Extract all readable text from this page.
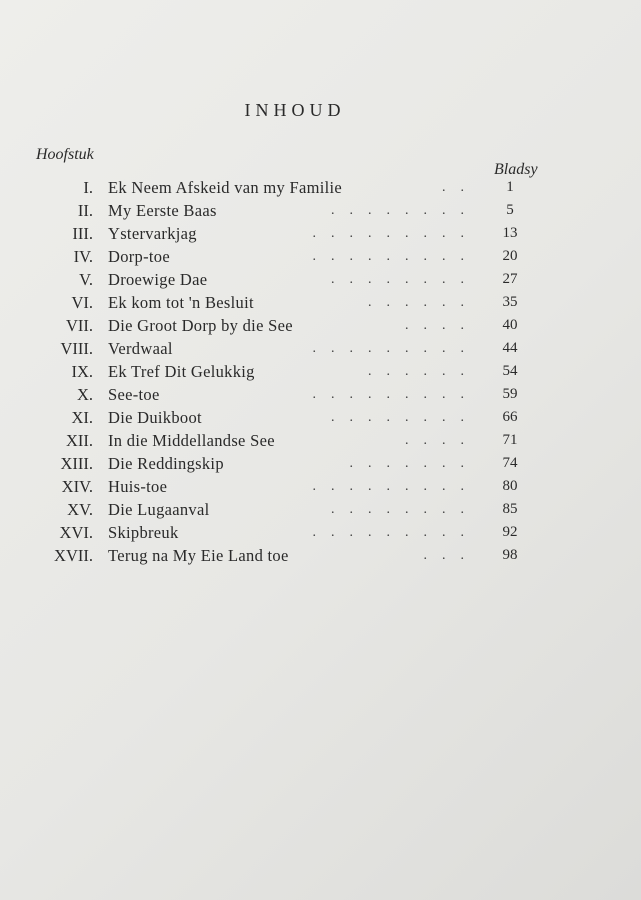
INHOUD
Hoofstuk
Bladsy
I. Ek Neem Afskeid van my Familie	..	1
II. My Eerste Baas	........	5
III. Ystervarkjag	.........	13
IV. Dorp-toe	.........	20
V. Droewige Dae	........	27
VI. Ek kom tot 'n Besluit	......	35
VII. Die Groot Dorp by die See	....	40
VIII. Verdwaal	.........	44
IX. Ek Tref Dit Gelukkig	......	54
X. See-toe	.........	59
XI. Die Duikboot	........	66
XII. In die Middellandse See	....	71
XIII. Die Reddingskip	.......	74
XIV. Huis-toe	.........	80
XV. Die Lugaanval	........	85
XVI. Skipbreuk	.........	92
XVII. Terug na My Eie Land toe	...	98
